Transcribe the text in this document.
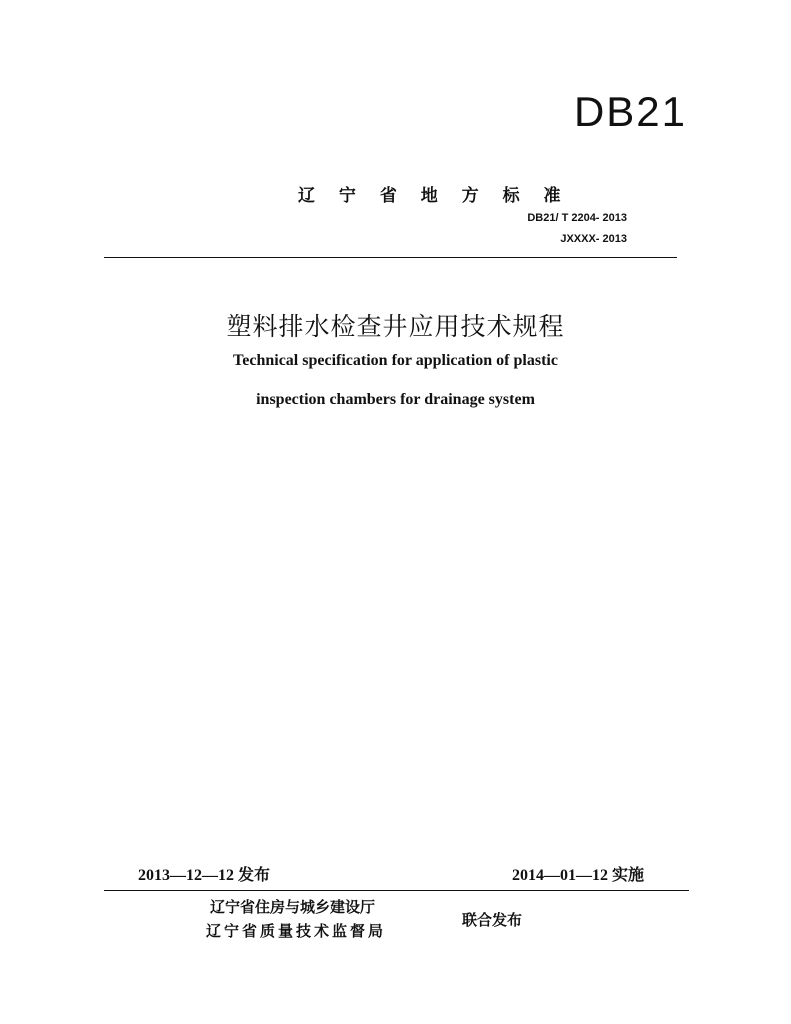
DB21
辽 宁 省 地 方 标 准
DB21/ T 2204- 2013
JXXXX- 2013
塑料排水检查井应用技术规程
Technical specification for application of plastic
inspection chambers for drainage system
2013—12—12 发布	2014—01—12 实施
辽宁省住房与城乡建设厅
辽宁省质量技术监督局
联合发布
